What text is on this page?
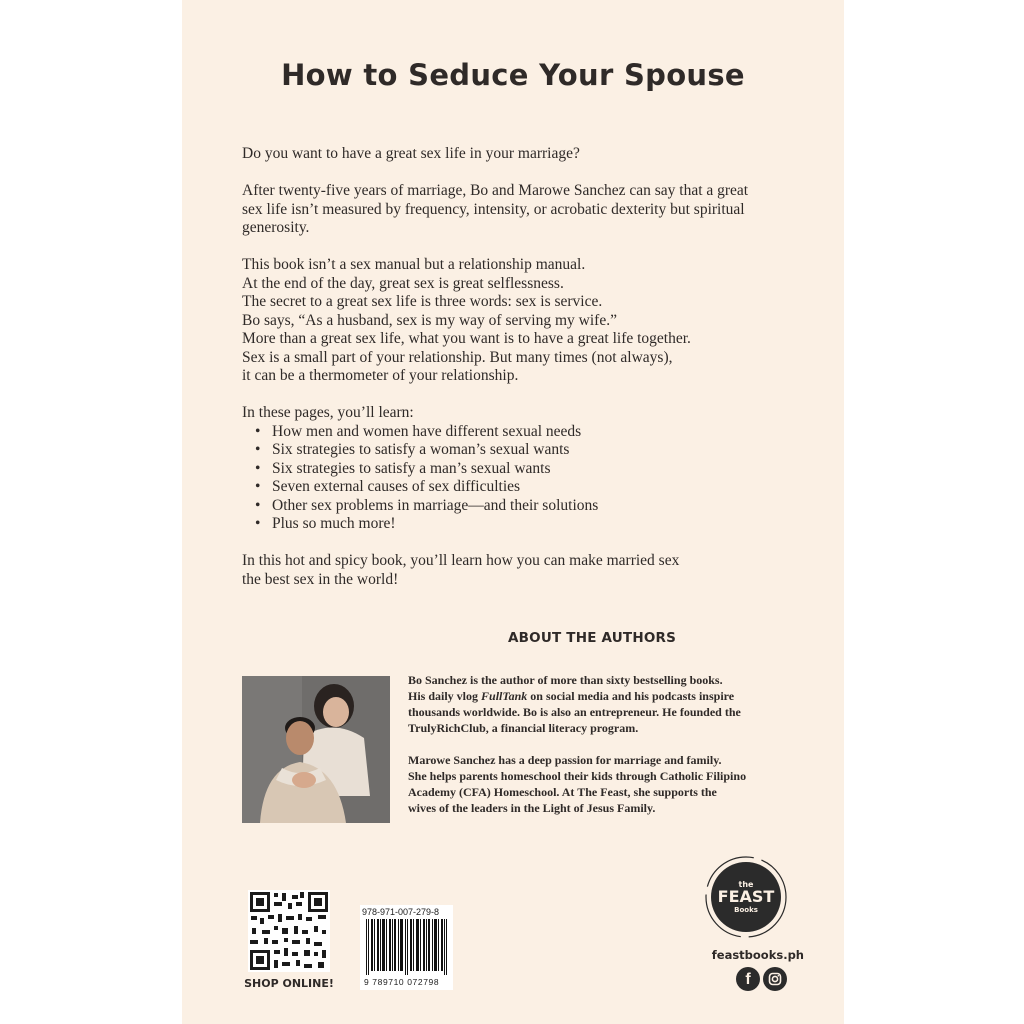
How to Seduce Your Spouse

Do you want to have a great sex life in your marriage?

After twenty-five years of marriage, Bo and Marowe Sanchez can say that a great

sex life isn’t measured by frequency, intensity, or acrobatic dexterity but spiritual

generosity.

This book isn’t a sex manual but a relationship manual.

At the end of the day, great sex is great selflessness.

The secret to a great sex life is three words: sex is service.

Bo says, “As a husband, sex is my way of serving my wife.”

More than a great sex life, what you want is to have a great life together.

Sex is a small part of your relationship. But many times (not always),

it can be a thermometer of your relationship.

In these pages, you’ll learn:

• How men and women have different sexual needs
• Six strategies to satisfy a woman’s sexual wants
• Six strategies to satisfy a man’s sexual wants
• Seven external causes of sex difficulties
• Other sex problems in marriage—and their solutions
• Plus so much more!

In this hot and spicy book, you’ll learn how you can make married sex

the best sex in the world!

ABOUT THE AUTHORS

Bo Sanchez is the author of more than sixty bestselling books.
His daily vlog FullTank on social media and his podcasts inspire
thousands worldwide. Bo is also an entrepreneur. He founded the
TrulyRichClub, a financial literacy program.

Marowe Sanchez has a deep passion for marriage and family.
She helps parents homeschool their kids through Catholic Filipino
Academy (CFA) Homeschool. At The Feast, she supports the
wives of the leaders in the Light of Jesus Family.

SHOP ONLINE!
978-971-007-279-8
9 789710 072798
the
FEAST
Books
feastbooks.ph
f
